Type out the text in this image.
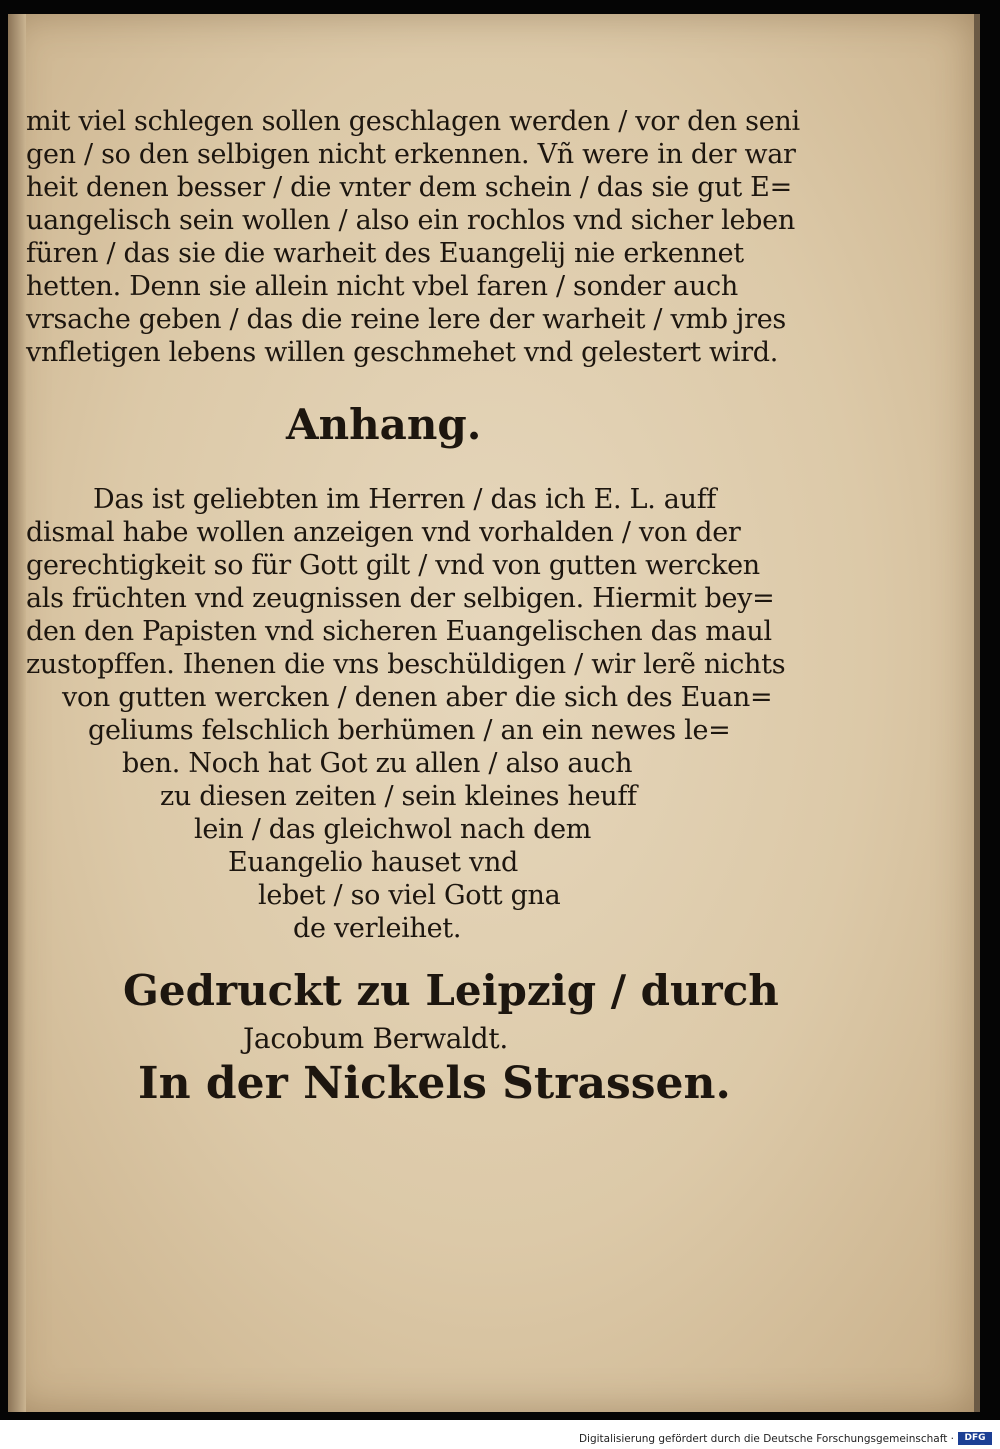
mit viel schlegen sollen geschlagen werden / vor den seni
gen / so den selbigen nicht erkennen. Vñ were in der war
heit denen besser / die vnter dem schein / das sie gut E=
uangelisch sein wollen / also ein rochlos vnd sicher leben
füren / das sie die warheit des Euangelij nie erkennet
hetten. Denn sie allein nicht vbel faren / sonder auch
vrsache geben / das die reine lere der warheit / vmb jres
vnfletigen lebens willen geschmehet vnd gelestert wird.
Anhang.
Das ist geliebten im Herren / das ich E. L. auff
dismal habe wollen anzeigen vnd vorhalden / von der
gerechtigkeit so für Gott gilt / vnd von gutten wercken
als früchten vnd zeugnissen der selbigen. Hiermit bey=
den den Papisten vnd sicheren Euangelischen das maul
zustopffen. Ihenen die vns beschüldigen / wir lerẽ nichts
von gutten wercken / denen aber die sich des Euan=
geliums felschlich berhümen / an ein newes le=
ben. Noch hat Got zu allen / also auch
zu diesen zeiten / sein kleines heuff
lein / das gleichwol nach dem
Euangelio hauset vnd
lebet / so viel Gott gna
de verleihet.
Gedruckt zu Leipzig / durch
Jacobum Berwaldt.
In der Nickels Strassen.
Digitalisierung gefördert durch die Deutsche Forschungsgemeinschaft ·	DFG
